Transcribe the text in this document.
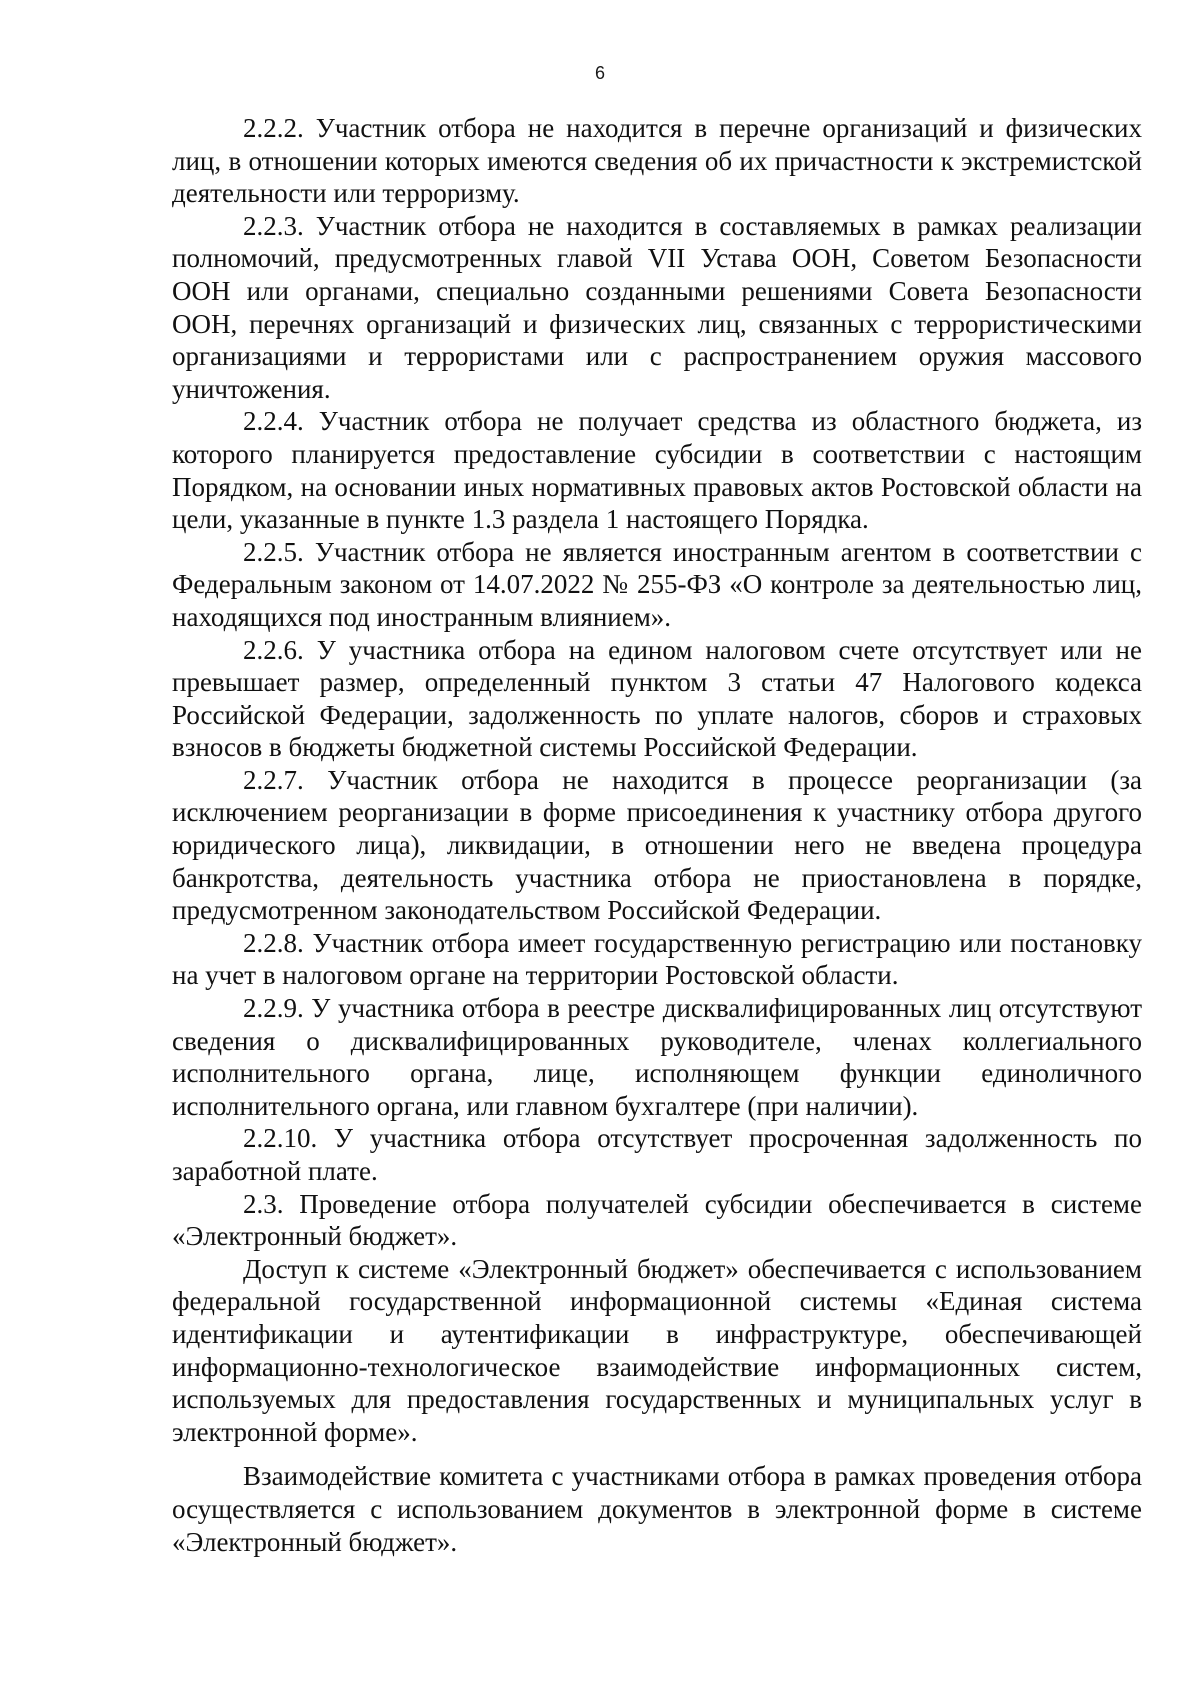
6

2.2.2. Участник отбора не находится в перечне организаций и физических лиц, в отношении которых имеются сведения об их причастности к экстремистской деятельности или терроризму.

2.2.3. Участник отбора не находится в составляемых в рамках реализации полномочий, предусмотренных главой VII Устава ООН, Советом Безопасности ООН или органами, специально созданными решениями Совета Безопасности ООН, перечнях организаций и физических лиц, связанных с террористическими организациями и террористами или с распространением оружия массового уничтожения.

2.2.4. Участник отбора не получает средства из областного бюджета, из которого планируется предоставление субсидии в соответствии с настоящим Порядком, на основании иных нормативных правовых актов Ростовской области на цели, указанные в пункте 1.3 раздела 1 настоящего Порядка.

2.2.5. Участник отбора не является иностранным агентом в соответствии с Федеральным законом от 14.07.2022 № 255-ФЗ «О контроле за деятельностью лиц, находящихся под иностранным влиянием».

2.2.6. У участника отбора на едином налоговом счете отсутствует или не превышает размер, определенный пунктом 3 статьи 47 Налогового кодекса Российской Федерации, задолженность по уплате налогов, сборов и страховых взносов в бюджеты бюджетной системы Российской Федерации.

2.2.7. Участник отбора не находится в процессе реорганизации (за исключением реорганизации в форме присоединения к участнику отбора другого юридического лица), ликвидации, в отношении него не введена процедура банкротства, деятельность участника отбора не приостановлена в порядке, предусмотренном законодательством Российской Федерации.

2.2.8. Участник отбора имеет государственную регистрацию или постановку на учет в налоговом органе на территории Ростовской области.

2.2.9. У участника отбора в реестре дисквалифицированных лиц отсутствуют сведения о дисквалифицированных руководителе, членах коллегиального исполнительного органа, лице, исполняющем функции единоличного исполнительного органа, или главном бухгалтере (при наличии).

2.2.10. У участника отбора отсутствует просроченная задолженность по заработной плате.

2.3. Проведение отбора получателей субсидии обеспечивается в системе «Электронный бюджет».

Доступ к системе «Электронный бюджет» обеспечивается с использованием федеральной государственной информационной системы «Единая система идентификации и аутентификации в инфраструктуре, обеспечивающей информационно-технологическое взаимодействие информационных систем, используемых для предоставления государственных и муниципальных услуг в электронной форме».

Взаимодействие комитета с участниками отбора в рамках проведения отбора осуществляется с использованием документов в электронной форме в системе «Электронный бюджет».
